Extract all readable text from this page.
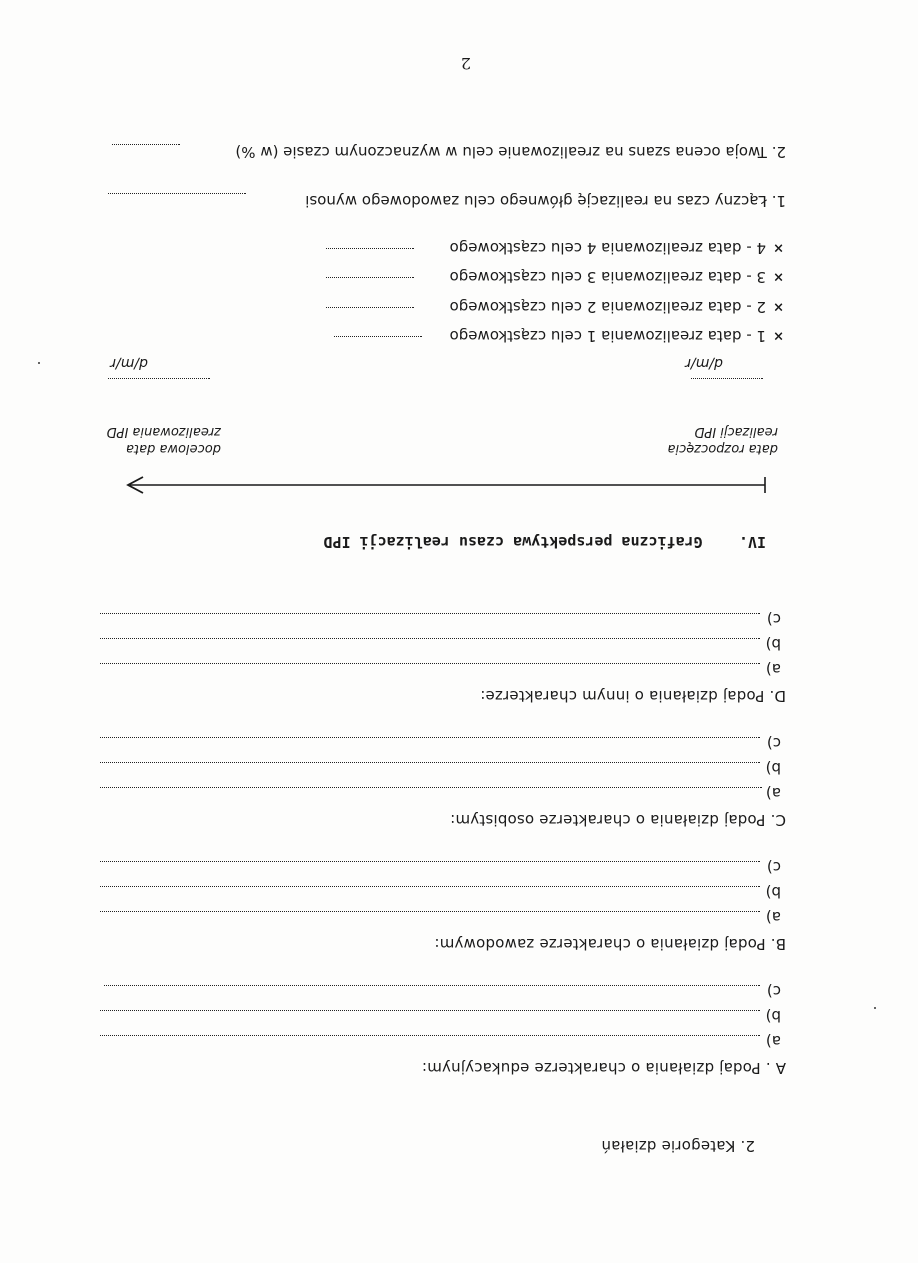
2
2. Kategorie działań
A . Podaj działania o charakterze edukacyjnym:
a)
b)
c)
B. Podaj działania o charakterze zawodowym:
a)
b)
c)
C. Podaj działania o charakterze osobistym:
a)
b)
c)
D. Podaj działania o innym charakterze:
a)
b)
c)
IV.    Graficzna perspektywa czasu realizacji IPD
data rozpoczęcia
realizacji IPD
docelowa data
zrealizowania IPD
d/m/r
d/m/r
×
1 - data zrealizowania 1 celu cząstkowego
×
2 - data zrealizowania 2 celu cząstkowego
×
3 - data zrealizowania 3 celu cząstkowego
×
4 - data zrealizowania 4 celu cząstkowego
1. Łączny czas na realizację głównego celu zawodowego wynosi
2. Twoja ocena szans na zrealizowanie celu w wyznaczonym czasie (w %)
